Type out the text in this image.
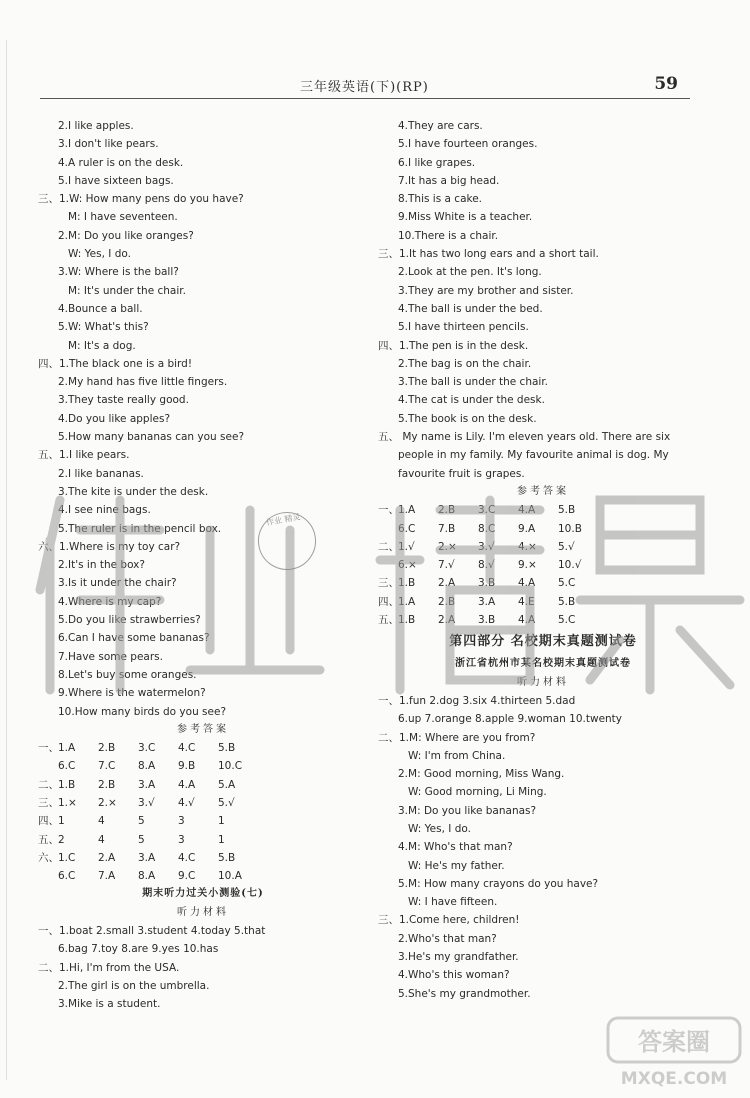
三年级英语(下)(RP)	59
2.I like apples.
3.I don't like pears.
4.A ruler is on the desk.
5.I have sixteen bags.
三、1.W: How many pens do you have?
M: I have seventeen.
2.M: Do you like oranges?
W: Yes, I do.
3.W: Where is the ball?
M: It's under the chair.
4.Bounce a ball.
5.W: What's this?
M: It's a dog.
四、1.The black one is a bird!
2.My hand has five little fingers.
3.They taste really good.
4.Do you like apples?
5.How many bananas can you see?
五、1.I like pears.
2.I like bananas.
3.The kite is under the desk.
4.I see nine bags.
5.The ruler is in the pencil box.
六、1.Where is my toy car?
2.It's in the box?
3.Is it under the chair?
4.Where is my cap?
5.Do you like strawberries?
6.Can I have some bananas?
7.Have some pears.
8.Let's buy some oranges.
9.Where is the watermelon?
10.How many birds do you see?
参考答案
一、 1.A	2.B	3.C	4.C	5.B
6.C	7.C	8.A	9.B	10.C
二、 1.B	2.B	3.A	4.A	5.A
三、 1.×	2.×	3.√	4.√	5.√
四、 1	4	5	3	1
五、 2	4	5	3	1
六、 1.C	2.A	3.A	4.C	5.B
6.C	7.A	8.A	9.C	10.A
期末听力过关小测验(七)
听力材料
一、1.boat 2.small 3.student 4.today 5.that
6.bag 7.toy 8.are 9.yes 10.has
二、1.Hi, I'm from the USA.
2.The girl is on the umbrella.
3.Mike is a student.
4.They are cars.
5.I have fourteen oranges.
6.I like grapes.
7.It has a big head.
8.This is a cake.
9.Miss White is a teacher.
10.There is a chair.
三、1.It has two long ears and a short tail.
2.Look at the pen. It's long.
3.They are my brother and sister.
4.The ball is under the bed.
5.I have thirteen pencils.
四、1.The pen is in the desk.
2.The bag is on the chair.
3.The ball is under the chair.
4.The cat is under the desk.
5.The book is on the desk.
五、 My name is Lily. I'm eleven years old. There are six
people in my family. My favourite animal is dog. My
favourite fruit is grapes.
参考答案
一、 1.A	2.B	3.C	4.A	5.B
6.C	7.B	8.C	9.A	10.B
二、 1.√	2.×	3.√	4.×	5.√
6.×	7.√	8.√	9.×	10.√
三、 1.B	2.A	3.B	4.A	5.C
四、 1.A	2.B	3.A	4.E	5.B
五、 1.B	2.A	3.B	4.A	5.C
第四部分 名校期末真题测试卷
浙江省杭州市某名校期末真题测试卷
听力材料
一、1.fun 2.dog 3.six 4.thirteen 5.dad
6.up 7.orange 8.apple 9.woman 10.twenty
二、1.M: Where are you from?
W: I'm from China.
2.M: Good morning, Miss Wang.
W: Good morning, Li Ming.
3.M: Do you like bananas?
W: Yes, I do.
4.M: Who's that man?
W: He's my father.
5.M: How many crayons do you have?
W: I have fifteen.
三、1.Come here, children!
2.Who's that man?
3.He's my grandfather.
4.Who's this woman?
5.She's my grandmother.
作业 精灵
答案圈
MXQE.COM
